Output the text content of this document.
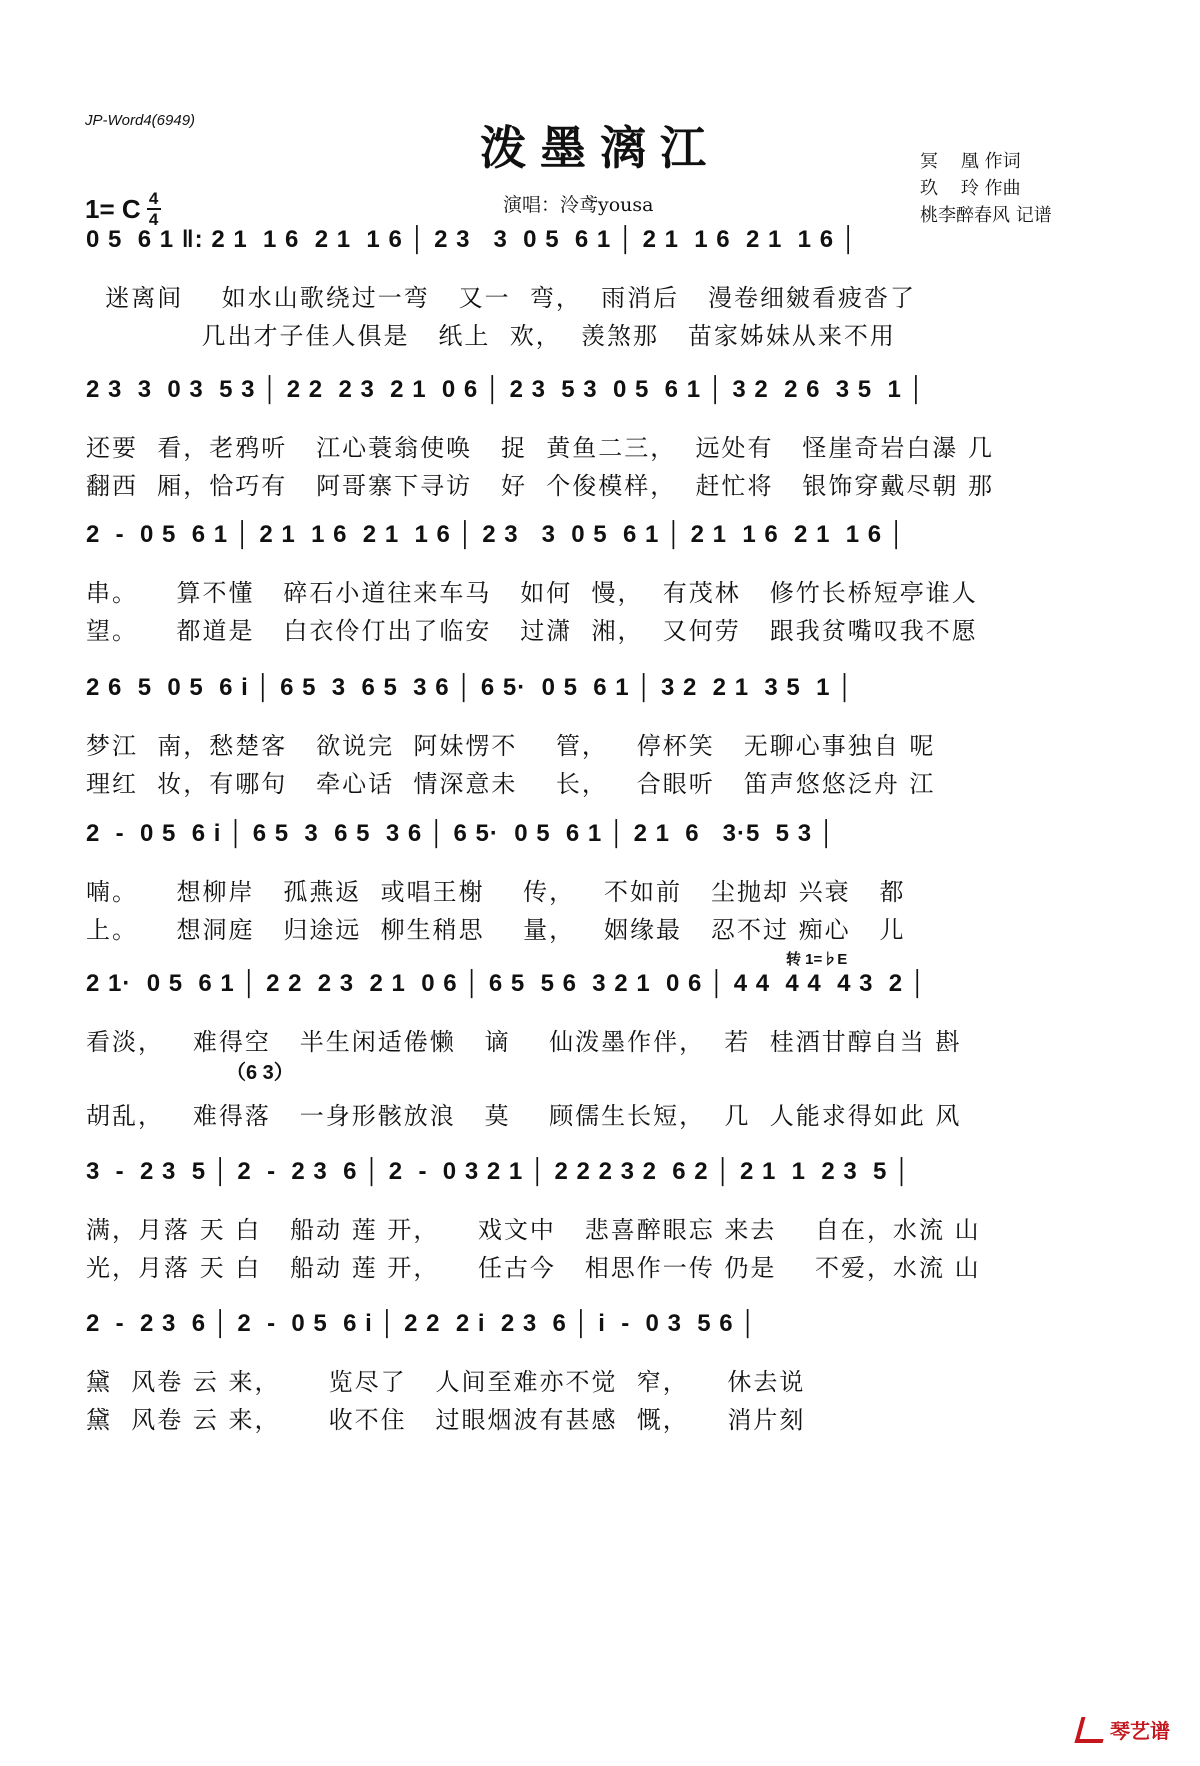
JP-Word4(6949)
泼墨漓江
1= C $\frac{4}{4}$	演唱：泠鸢yousa
冥    凰 作词
玖    玲 作曲
桃李醉春风 记谱
0 5  6 1 ‖: 2 1  1 6  2 1  1 6 │ 2 3   3  0 5  6 1 │ 2 1  1 6  2 1  1 6 │
迷离间    如水山歌绕过一弯   又一  弯，  雨消后   漫卷细皴看疲沓了
几出才子佳人俱是   纸上  欢，  羡煞那   苗家姊妹从来不用
2 3  3  0 3  5 3 │ 2 2  2 3  2 1  0 6 │ 2 3  5 3  0 5  6 1 │ 3 2  2 6  3 5  1 │
还要  看，老鸦听   江心蓑翁使唤   捉  黄鱼二三，  远处有   怪崖奇岩白瀑 几
翻西  厢，恰巧有   阿哥寨下寻访   好  个俊模样，  赶忙将   银饰穿戴尽朝 那
2  -  0 5  6 1 │ 2 1  1 6  2 1  1 6 │ 2 3   3  0 5  6 1 │ 2 1  1 6  2 1  1 6 │
串。    算不懂   碎石小道往来车马   如何  慢，  有茂林   修竹长桥短亭谁人
望。    都道是   白衣伶仃出了临安   过潇  湘，  又何劳   跟我贫嘴叹我不愿
2 6  5  0 5  6 i │ 6 5  3  6 5  3 6 │ 6 5·  0 5  6 1 │ 3 2  2 1  3 5  1 │
梦江  南，愁楚客   欲说完  阿妹愣不    管，   停杯笑   无聊心事独自 呢
理红  妆，有哪句   牵心话  情深意未    长，   合眼听   笛声悠悠泛舟 江
2  -  0 5  6 i │ 6 5  3  6 5  3 6 │ 6 5·  0 5  6 1 │ 2 1  6   3·5  5 3 │
喃。    想柳岸   孤燕返  或唱王榭    传，   不如前   尘抛却 兴衰   都
上。    想洞庭   归途远  柳生稍思    量，   姻缘最   忍不过 痴心   儿
转 1=♭E
2 1·  0 5  6 1 │ 2 2  2 3  2 1  0 6 │ 6 5  5 6  3 2 1  0 6 │ 4 4  4 4  4 3  2 │
看淡，   难得空   半生闲适倦懒   谪    仙泼墨作伴，  若  桂酒甘醇自当 斟
（6 3）
胡乱，   难得落   一身形骸放浪   莫    顾儒生长短，  几  人能求得如此 风
3  -  2 3  5 │ 2  -  2 3  6 │ 2  -  0 3 2 1 │ 2 2 2 3 2  6 2 │ 2 1  1  2 3  5 │
满，月落 天 白   船动 莲 开，    戏文中   悲喜醉眼忘 来去    自在，水流 山
光，月落 天 白   船动 莲 开，    任古今   相思作一传 仍是    不爱，水流 山
2  -  2 3  6 │ 2  -  0 5  6 i │ 2 2  2 i  2 3  6 │ i  -  0 3  5 6 │
黛  风卷 云 来，     览尽了   人间至难亦不觉  窄，    休去说
黛  风卷 云 来，     收不住   过眼烟波有甚感  慨，    消片刻
琴艺谱
